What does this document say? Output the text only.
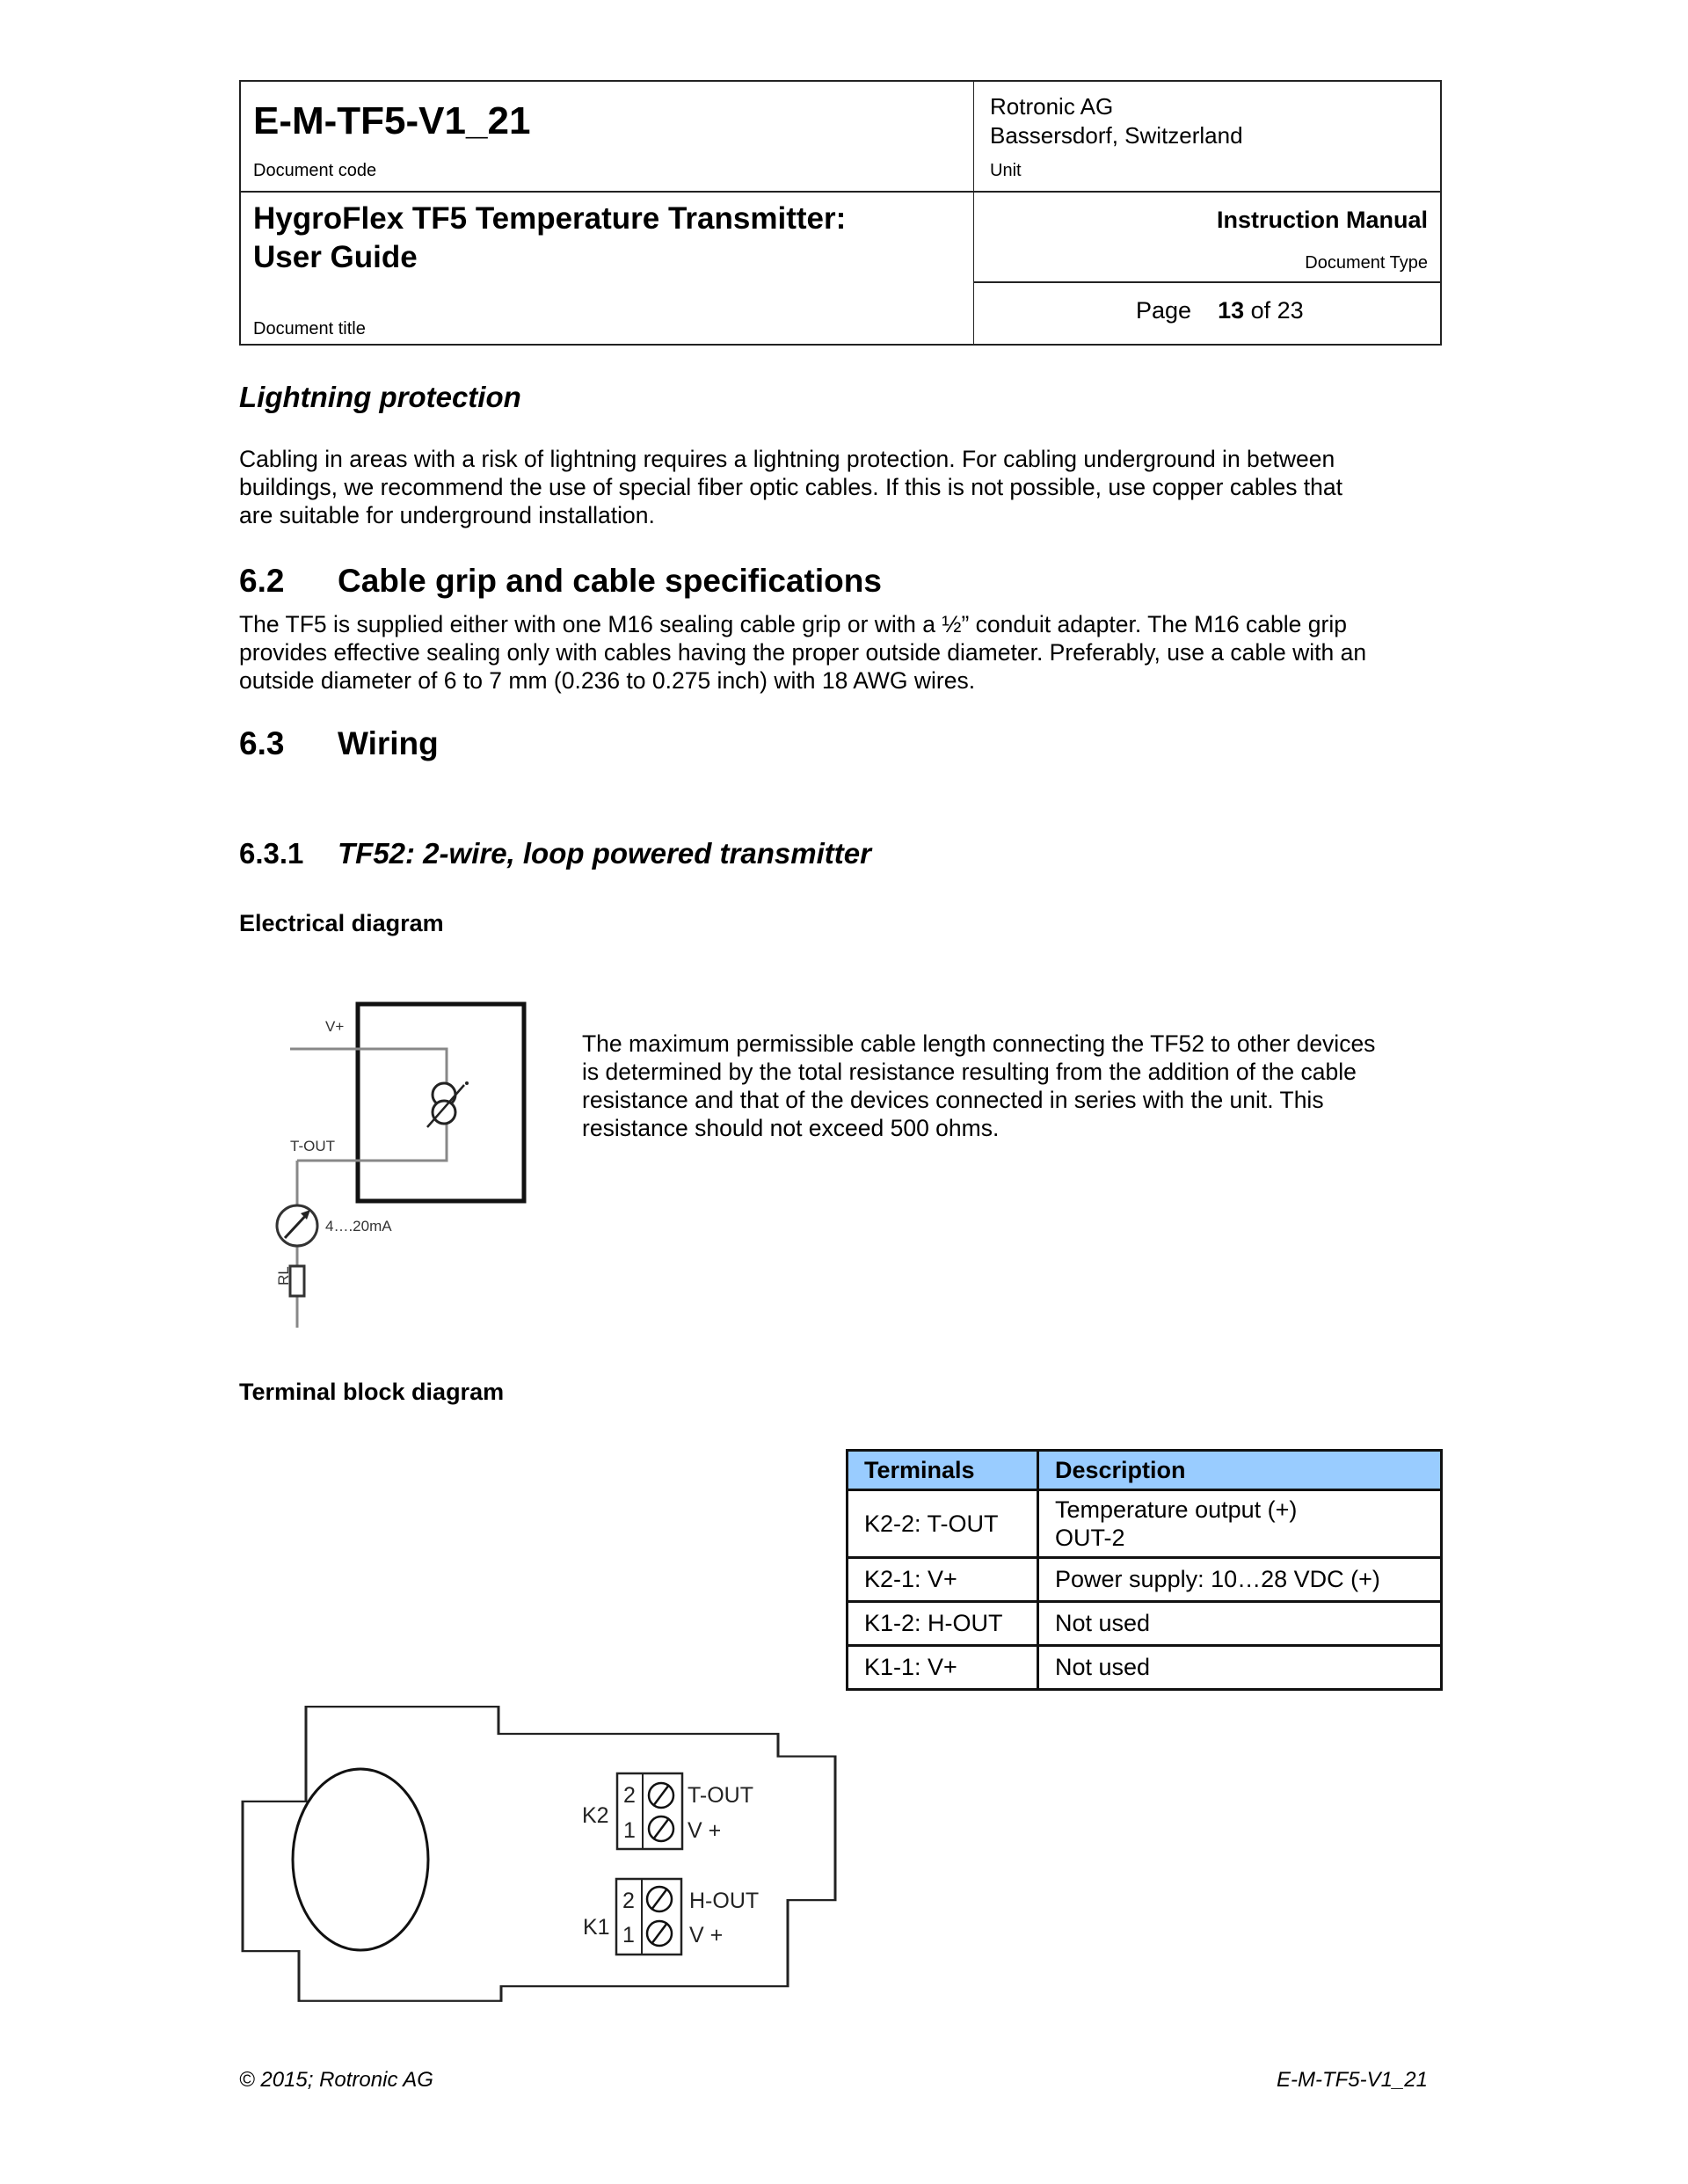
E-M-TF5-V1_21
Document code
Rotronic AG
Bassersdorf, Switzerland
Unit
HygroFlex TF5 Temperature Transmitter:
User Guide
Document title
Instruction Manual
Document Type
Page 13 of 23
Lightning protection
Cabling in areas with a risk of lightning requires a lightning protection. For cabling underground in between
buildings, we recommend the use of special fiber optic cables. If this is not possible, use copper cables that
are suitable for underground installation.
6.2 Cable grip and cable specifications
The TF5 is supplied either with one M16 sealing cable grip or with a ½” conduit adapter. The M16 cable grip
provides effective sealing only with cables having the proper outside diameter. Preferably, use a cable with an
outside diameter of 6 to 7 mm (0.236 to 0.275 inch) with 18 AWG wires.
6.3 Wiring
6.3.1 TF52: 2-wire, loop powered transmitter
Electrical diagram
V+
T-OUT
4….20mA
RL
The maximum permissible cable length connecting the TF52 to other devices
is determined by the total resistance resulting from the addition of the cable
resistance and that of the devices connected in series with the unit. This
resistance should not exceed 500 ohms.
Terminal block diagram
Terminals	Description
K2-2: T-OUT	Temperature output (+)
OUT-2

K2-1: V+	Power supply: 10…28 VDC (+)
K1-2: H-OUT	Not used
K1-1: V+	Not used
K2
2
1
T-OUT
V +
K1
2
1
H-OUT
V +
© 2015; Rotronic AG	E-M-TF5-V1_21
